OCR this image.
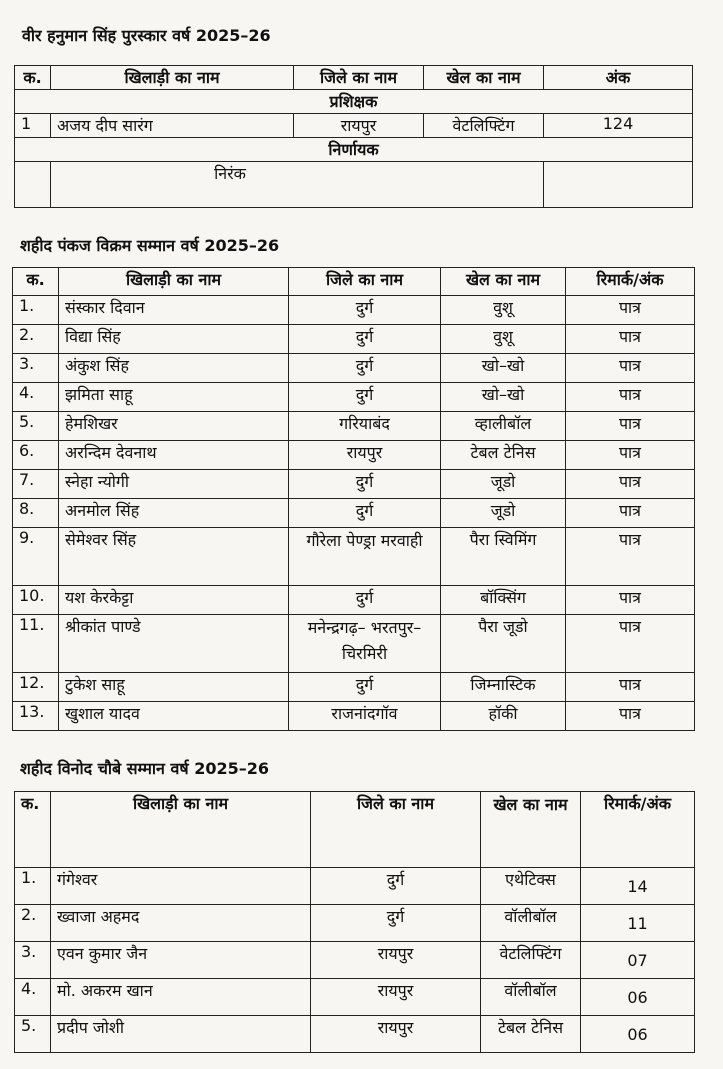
वीर हनुमान सिंह पुरस्कार वर्ष 2025–26
क.	खिलाड़ी का नाम	जिले का नाम	खेल का नाम	अंक
प्रशिक्षक				
1	अजय दीप सारंग	रायपुर	वेटलिफ्टिंग	124
निर्णायक				
	निरंक			
शहीद पंकज विक्रम सम्मान वर्ष 2025–26
क.	खिलाड़ी का नाम	जिले का नाम	खेल का नाम	रिमार्क/अंक
1.	संस्कार दिवान	दुर्ग	वुशू	पात्र
2.	विद्या सिंह	दुर्ग	वुशू	पात्र
3.	अंकुश सिंह	दुर्ग	खो–खो	पात्र
4.	झमिता साहू	दुर्ग	खो–खो	पात्र
5.	हेमशिखर	गरियाबंद	व्हालीबॉल	पात्र
6.	अरन्दिम देवनाथ	रायपुर	टेबल टेनिस	पात्र
7.	स्नेहा न्योगी	दुर्ग	जूडो	पात्र
8.	अनमोल सिंह	दुर्ग	जूडो	पात्र
9.	सेमेश्वर सिंह	गौरेला पेण्ड्रा मरवाही	पैरा स्विमिंग	पात्र
10.	यश केरकेट्टा	दुर्ग	बॉक्सिंग	पात्र
11.	श्रीकांत पाण्डे	मनेन्द्रगढ़– भरतपुर– चिरमिरी	पैरा जूडो	पात्र
12.	टुकेश साहू	दुर्ग	जिम्नास्टिक	पात्र
13.	खुशाल यादव	राजनांदगॉव	हॉकी	पात्र
शहीद विनोद चौबे सम्मान वर्ष 2025–26
क.	खिलाड़ी का नाम	जिले का नाम	खेल का नाम	रिमार्क/अंक
1.	गंगेश्वर	दुर्ग	एथेटिक्स	14
2.	ख्वाजा अहमद	दुर्ग	वॉलीबॉल	11
3.	एवन कुमार जैन	रायपुर	वेटलिफ्टिंग	07
4.	मो. अकरम खान	रायपुर	वॉलीबॉल	06
5.	प्रदीप जोशी	रायपुर	टेबल टेनिस	06
